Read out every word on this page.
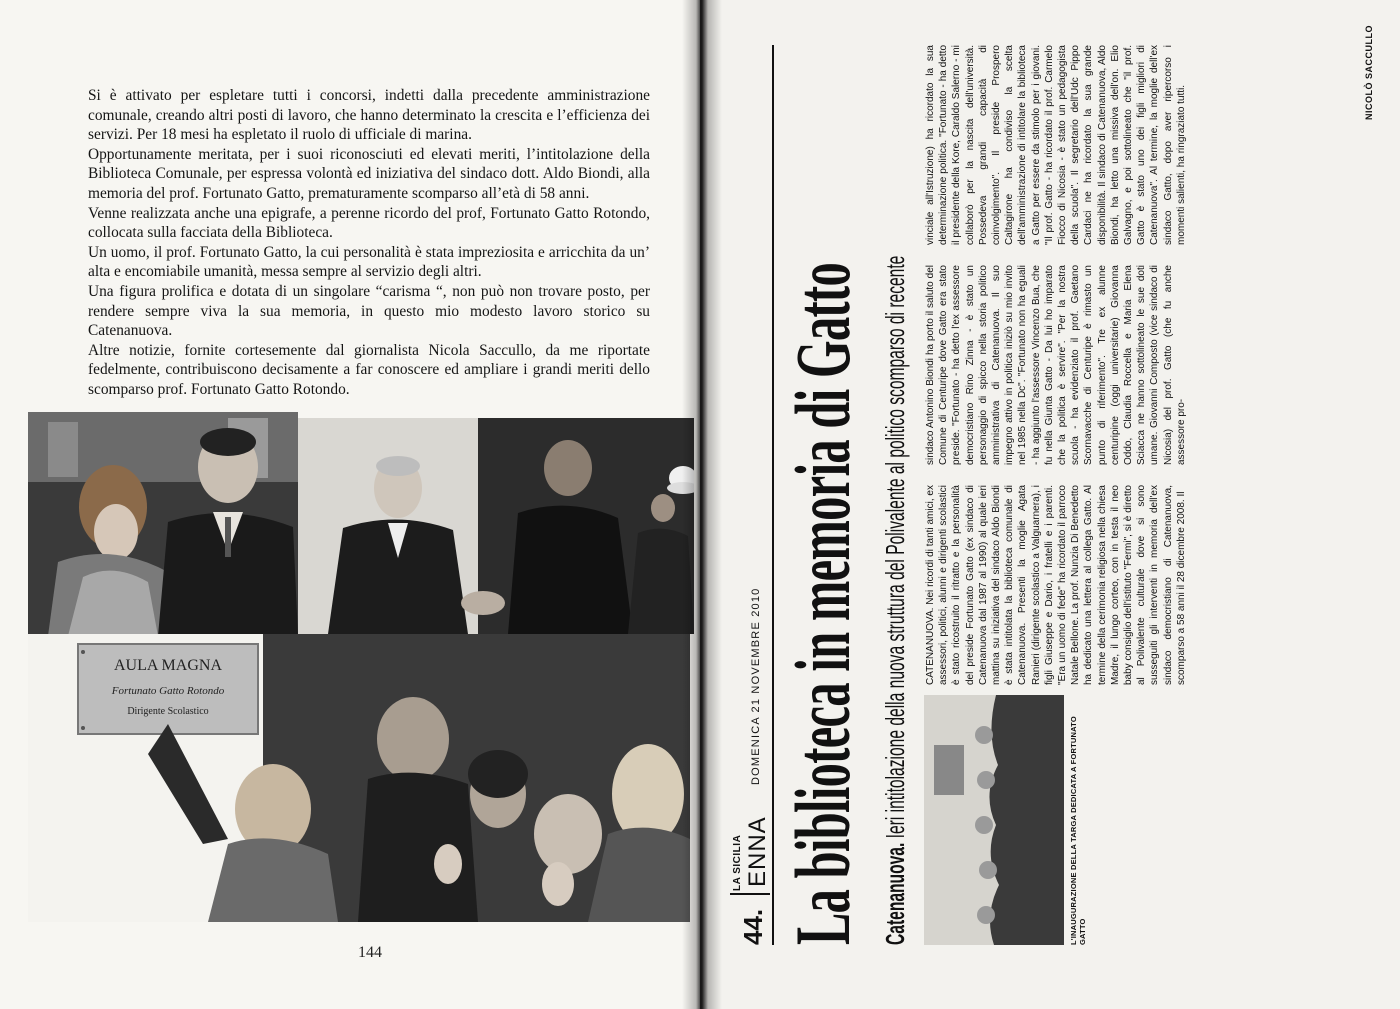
Si è attivato per espletare tutti i concorsi, indetti dalla precedente amministrazione comunale, creando altri posti di lavoro, che hanno determinato la crescita e l’efficienza dei servizi. Per 18 mesi ha espletato il ruolo di ufficiale di marina.

Opportunamente meritata, per i suoi riconosciuti ed elevati meriti, l’intitolazione della Biblioteca Comunale, per espressa volontà ed iniziativa del sindaco dott. Aldo Biondi, alla memoria del prof. Fortunato Gatto, prematuramente scomparso all’età di 58 anni.

Venne realizzata anche una epigrafe, a perenne ricordo del prof, Fortunato Gatto Rotondo, collocata sulla facciata della Biblioteca.

Un uomo, il prof. Fortunato Gatto, la cui personalità è stata impreziosita e arricchita da un’ alta e encomiabile umanità, messa sempre al servizio degli altri.

Una figura prolifica e dotata di un singolare “carisma “, non può non trovare posto, per rendere sempre viva la sua memoria, in questo mio modesto lavoro storico su Catenanuova.

Altre notizie, fornite cortesemente dal giornalista Nicola Saccullo, da me riportate fedelmente, contribuiscono decisamente a far conoscere ed ampliare i grandi meriti dello scomparso prof. Fortunato Gatto Rotondo.

AULA MAGNA
Fortunato Gatto Rotondo
Dirigente Scolastico
144
44.
LA SICILIA ENNA
DOMENICA 21 NOVEMBRE 2010 La biblioteca in memoria di Gatto Catenanuova. Ieri intitolazione della nuova struttura del Polivalente al politico scomparso di recente	L'INAUGURAZIONE DELLA TARGA DEDICATA A FORTUNATO GATTO
CATENANUOVA. Nei ricordi di tanti amici, ex assessori, politici, alunni e dirigenti scolastici è stato ricostruito il ritratto e la personalità del preside Fortunato Gatto (ex sindaco di Catenanuova dal 1987 al 1990) al quale ieri mattina su iniziativa del sindaco Aldo Biondi è stata intitolata la biblioteca comunale di Catenanuova. Presenti la moglie Agata Ranieri (dirigente scolastico a Valguarnera), i figli Giuseppe e Dario, i fratelli e i parenti. "Era un uomo di fede" ha ricordato il parroco Natale Bellone. La prof. Nunzia Di Benedetto ha dedicato una lettera al collega Gatto. Al termine della cerimonia religiosa nella chiesa Madre, il lungo corteo, con in testa il neo baby consiglio dell'istituto "Fermi", si è diretto al Polivalente culturale dove si sono susseguiti gli interventi in memoria dell'ex sindaco democristiano di Catenanuova, scomparso a 58 anni il 28 dicembre 2008. Il
sindaco Antonino Biondi ha porto il saluto del Comune di Centuripe dove Gatto era stato preside. "Fortunato - ha detto l'ex assessore democristiano Rino Zinna - è stato un personaggio di spicco nella storia politico amministrativa di Catenanuova. Il suo impegno attivo in politica iniziò su mio invito nel 1985 nella Dc". "Fortunato non ha eguali - ha aggiunto l'assessore Vincenzo Bua, che fu nella Giunta Gatto - Da lui ho imparato che la politica è servire". "Per la nostra scuola - ha evidenziato il prof. Gaetano Scornavacche di Centuripe è rimasto un punto di riferimento". Tre ex alunne centuripine (oggi universitarie) Giovanna Oddo, Claudia Roccella e Maria Elena Sciacca ne hanno sottolineato le sue doti umane. Giovanni Composto (vice sindaco di Nicosia) del prof. Gatto (che fu anche assessore pro-
vinciale all'Istruzione) ha ricordato la sua determinazione politica. "Fortunato - ha detto il presidente della Kore, Caraldo Salerno - mi collaborò per la nascita dell'università. Possedeva grandi capacità di coinvolgimento". Il preside Prospero Caltagirone ha condiviso la scelta dell'amministrazione di intitolare la biblioteca a Gatto per essere da stimolo per i giovani. "Il prof. Gatto - ha ricordato il prof. Carmelo Fiocco di Nicosia - è stato un pedagogista della scuola". Il segretario dell'Udc Pippo Cardaci ne ha ricordato la sua grande disponibilità. Il sindaco di Catenanuova, Aldo Biondi, ha letto una missiva dell'on. Elio Galvagno, e poi sottolineato che "il prof. Gatto è stato uno dei figli migliori di Catenanuova". Al termine, la moglie dell'ex sindaco Gatto, dopo aver ripercorso i momenti salienti, ha ringraziato tutti.
NICOLÒ SACCULLO
